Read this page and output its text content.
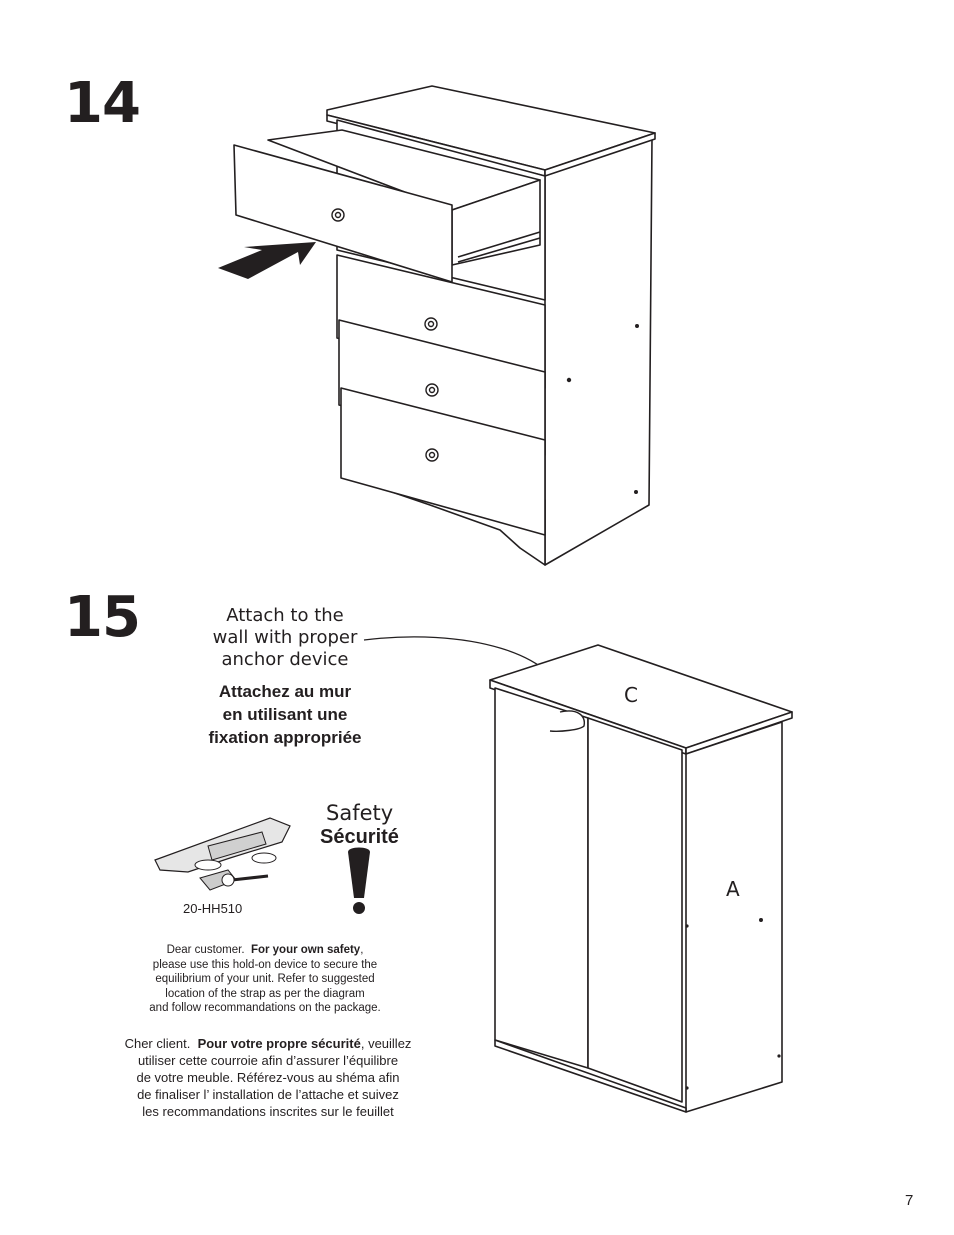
14
15	Attach to the
wall with proper
anchor device
Attachez au mur
en utilisant une
fixation appropriée
C
A
Safety
Sécurité
20-HH510
Dear customer. For your own safety,
please use this hold-on device to secure the
equilibrium of your unit. Refer to suggested
location of the strap as per the diagram
and follow recommandations on the package.
Cher client. Pour votre propre sécurité, veuillez
utiliser cette courroie afin d’assurer l’équilibre
de votre meuble. Référez-vous au shéma afin
de finaliser l’ installation de l’attache et suivez
les recommandations inscrites sur le feuillet
7
